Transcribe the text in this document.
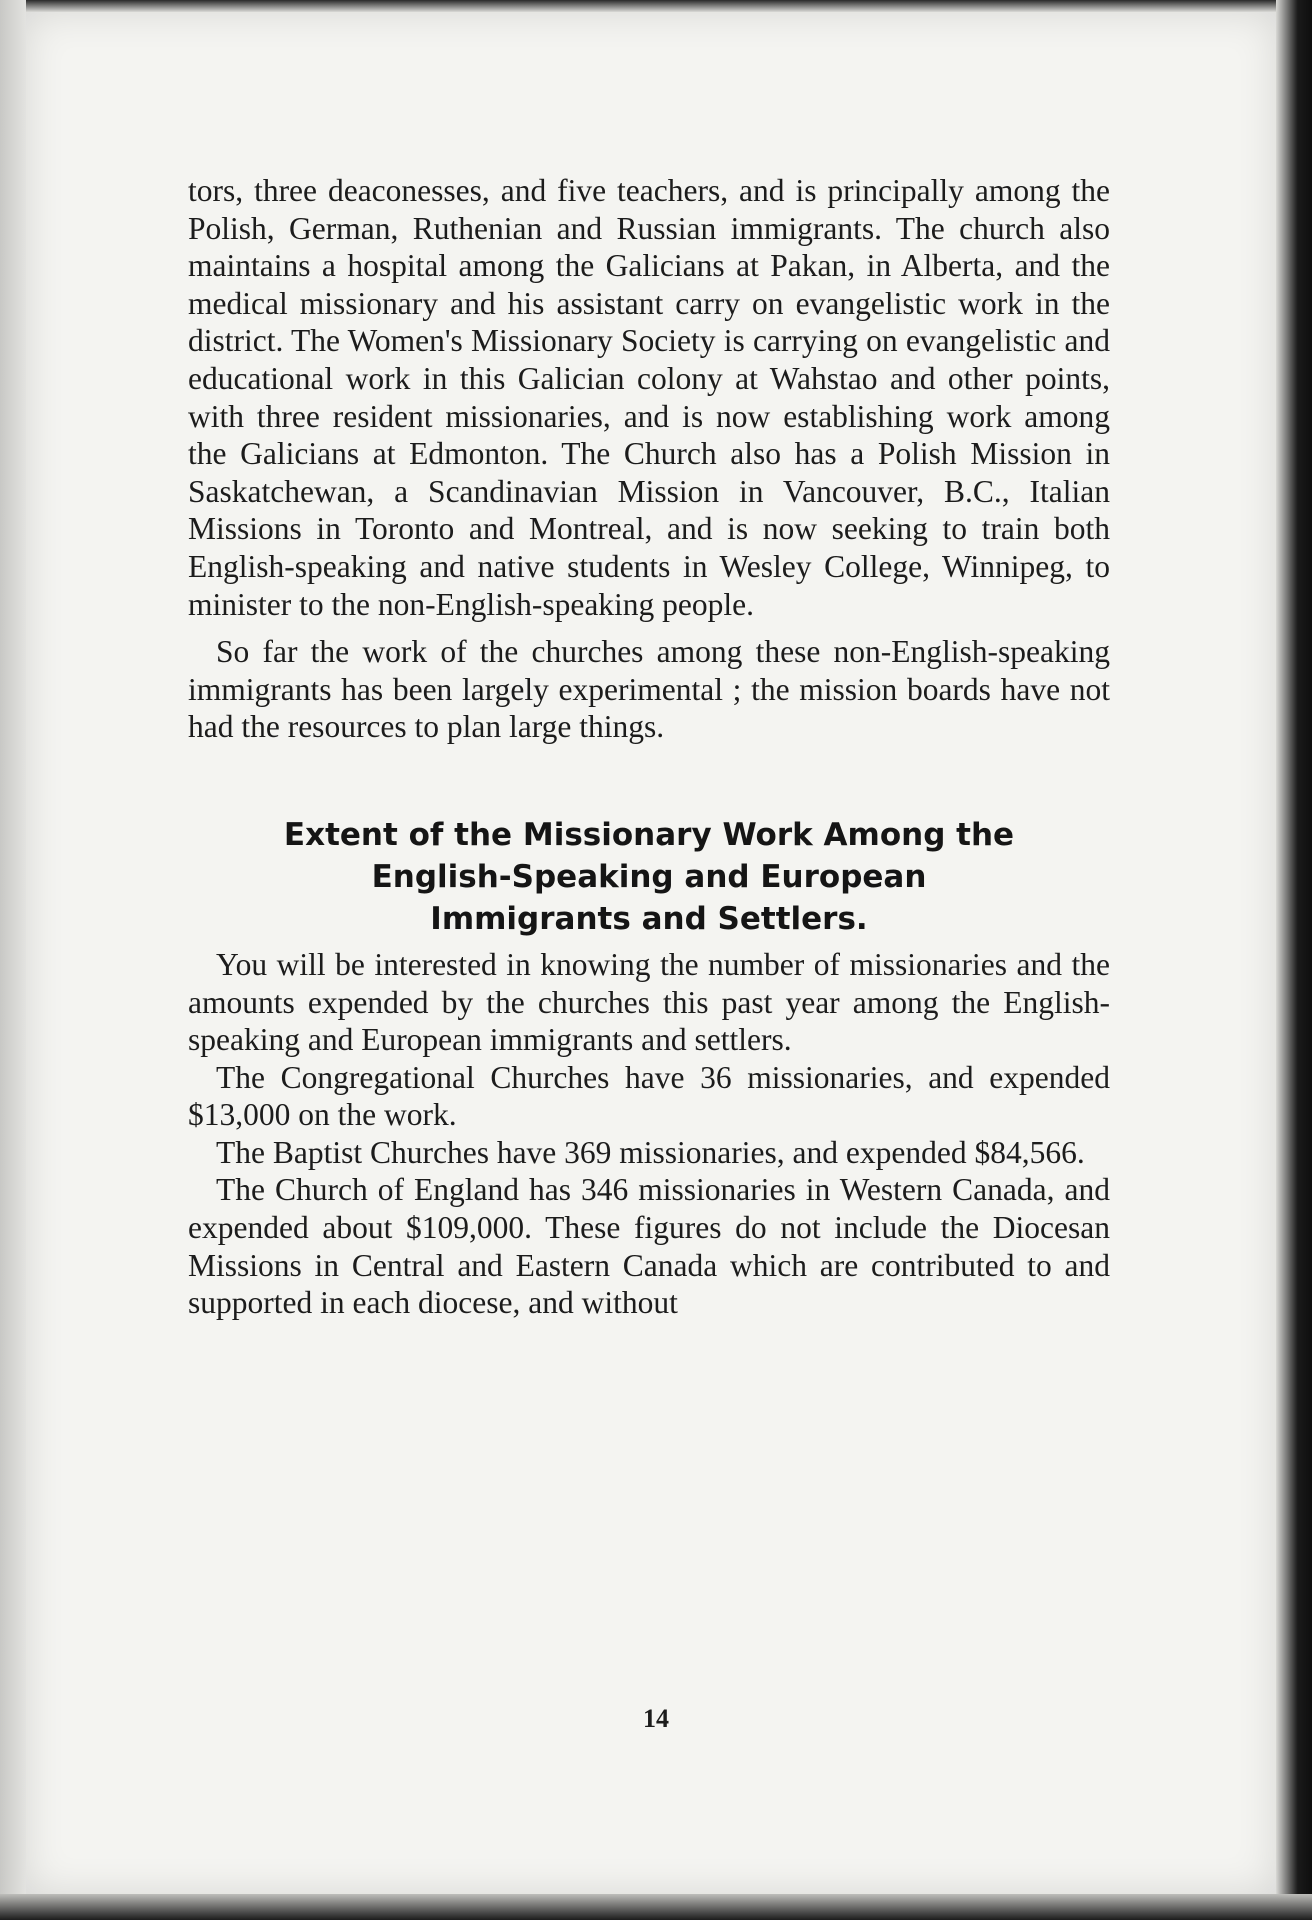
tors, three deaconesses, and five teachers, and is principally among the Polish, German, Ruthenian and Russian immigrants. The church also maintains a hospital among the Galicians at Pakan, in Alberta, and the medical missionary and his assistant carry on evangelistic work in the district. The Women's Missionary Society is carrying on evangelistic and educational work in this Galician colony at Wahstao and other points, with three resident missionaries, and is now establishing work among the Galicians at Edmonton. The Church also has a Polish Mission in Saskatchewan, a Scandinavian Mission in Vancouver, B.C., Italian Missions in Toronto and Montreal, and is now seeking to train both English-speaking and native students in Wesley College, Winnipeg, to minister to the non-English-speaking people.

So far the work of the churches among these non-English-speaking immigrants has been largely experimental ; the mission boards have not had the resources to plan large things.

Extent of the Missionary Work Among the
English-Speaking and European
Immigrants and Settlers.

You will be interested in knowing the number of missionaries and the amounts expended by the churches this past year among the English-speaking and European immigrants and settlers.

The Congregational Churches have 36 missionaries, and expended $13,000 on the work.

The Baptist Churches have 369 missionaries, and expended $84,566.

The Church of England has 346 missionaries in Western Canada, and expended about $109,000. These figures do not include the Diocesan Missions in Central and Eastern Canada which are contributed to and supported in each diocese, and without

14
